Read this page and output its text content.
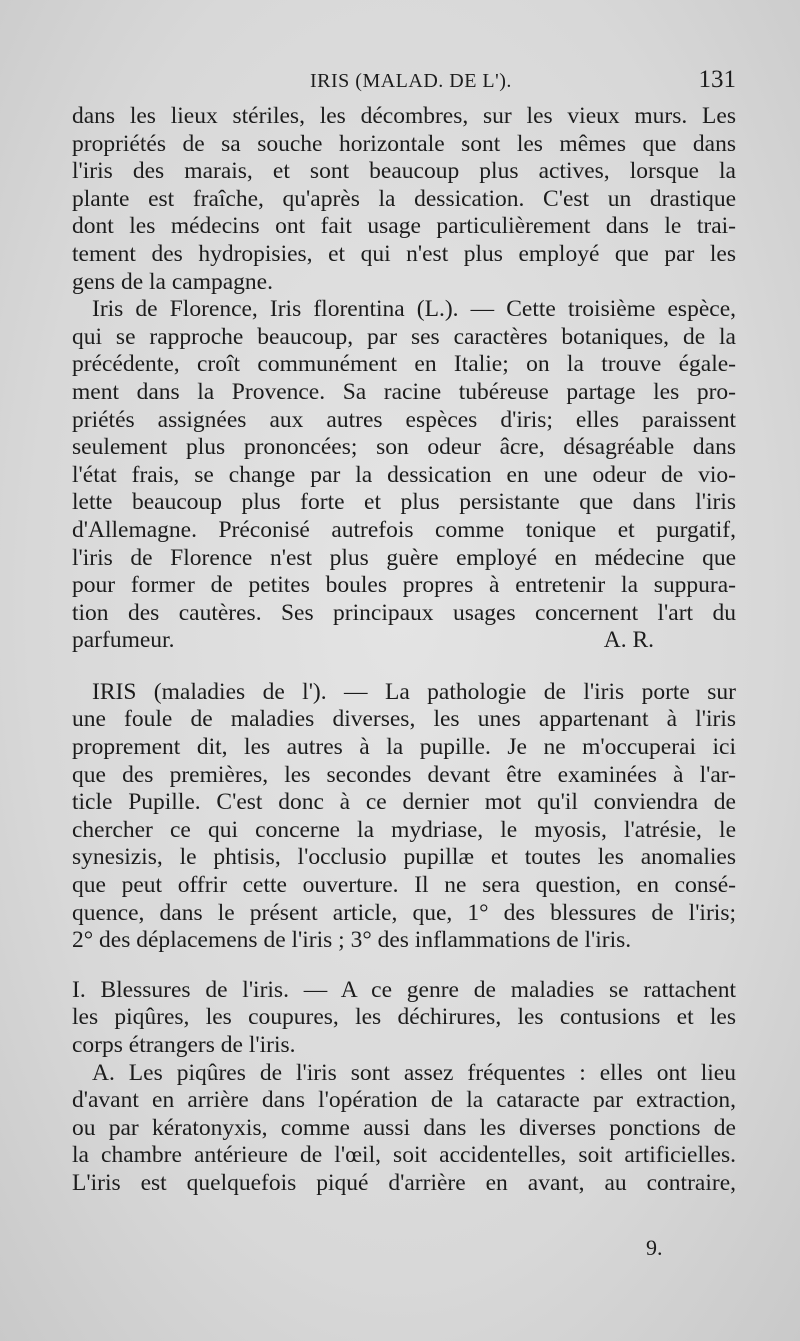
IRIS (MALAD. DE L').	131
dans les lieux stériles, les décombres, sur les vieux murs. Les
propriétés de sa souche horizontale sont les mêmes que dans
l'iris des marais, et sont beaucoup plus actives, lorsque la
plante est fraîche, qu'après la dessication. C'est un drastique
dont les médecins ont fait usage particulièrement dans le trai-
tement des hydropisies, et qui n'est plus employé que par les
gens de la campagne.
Iris de Florence, Iris florentina (L.). — Cette troisième espèce,
qui se rapproche beaucoup, par ses caractères botaniques, de la
précédente, croît communément en Italie; on la trouve égale-
ment dans la Provence. Sa racine tubéreuse partage les pro-
priétés assignées aux autres espèces d'iris; elles paraissent
seulement plus prononcées; son odeur âcre, désagréable dans
l'état frais, se change par la dessication en une odeur de vio-
lette beaucoup plus forte et plus persistante que dans l'iris
d'Allemagne. Préconisé autrefois comme tonique et purgatif,
l'iris de Florence n'est plus guère employé en médecine que
pour former de petites boules propres à entretenir la suppura-
tion des cautères. Ses principaux usages concernent l'art du
parfumeur.	A. R.
IRIS (maladies de l'). — La pathologie de l'iris porte sur
une foule de maladies diverses, les unes appartenant à l'iris
proprement dit, les autres à la pupille. Je ne m'occuperai ici
que des premières, les secondes devant être examinées à l'ar-
ticle Pupille. C'est donc à ce dernier mot qu'il conviendra de
chercher ce qui concerne la mydriase, le myosis, l'atrésie, le
synesizis, le phtisis, l'occlusio pupillæ et toutes les anomalies
que peut offrir cette ouverture. Il ne sera question, en consé-
quence, dans le présent article, que, 1° des blessures de l'iris;
2° des déplacemens de l'iris ; 3° des inflammations de l'iris.
I. Blessures de l'iris. — A ce genre de maladies se rattachent
les piqûres, les coupures, les déchirures, les contusions et les
corps étrangers de l'iris.
A. Les piqûres de l'iris sont assez fréquentes : elles ont lieu
d'avant en arrière dans l'opération de la cataracte par extraction,
ou par kératonyxis, comme aussi dans les diverses ponctions de
la chambre antérieure de l'œil, soit accidentelles, soit artificielles.
L'iris est quelquefois piqué d'arrière en avant, au contraire,
9.
